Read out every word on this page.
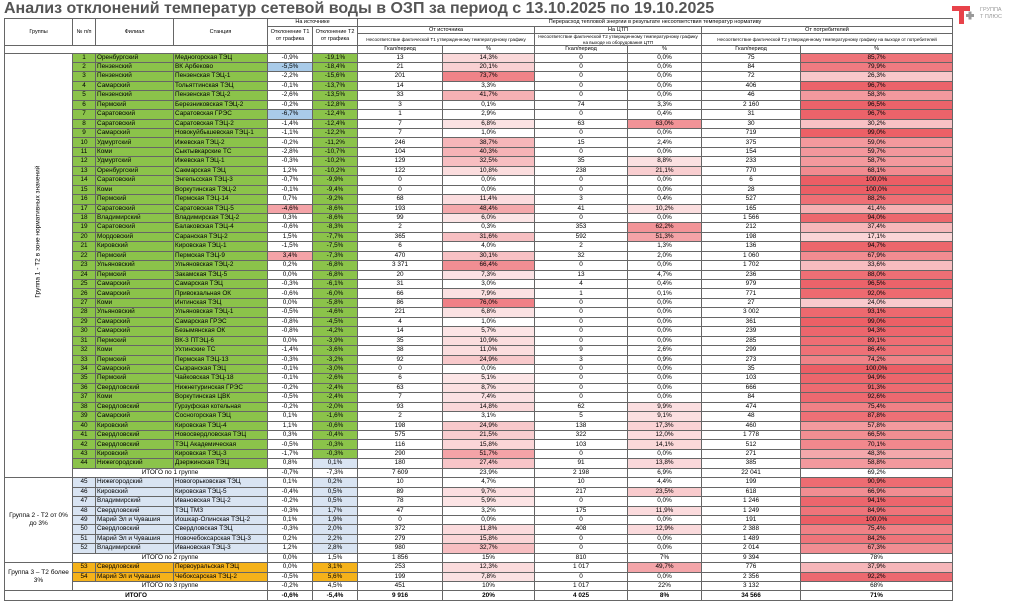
Анализ отклонений температур сетевой воды в ОЗП за период с 13.10.2025 по 19.10.2025	ГРУППА
Т ПЛЮС
Группы	№ п/п	Филиал	Станция	На источнике		Перерасход тепловой энергии в результате несоответствия температур нормативу					
				Отклонение Т1 от графика	Отклонение Т2 от графика	От источника		На ЦТП		От потребителей	
						Несоответствие фактической Т1 утвержденному температурному графику		Несоответствие фактической Т2 утвержденному температурному графику на выходе из оборудования ЦТП		Несоответствие фактической Т2 утвержденному температурному графику на выходе от потребителей	
						Гкал/период	%	Гкал/период	%	Гкал/период	%

Группа 1 - Т2 в зоне нормативных значений	1	Оренбургский	Медногорская ТЭЦ	-0,9%	-19,1%	13	14,3%	0	0,0%	75	85,7%
	2	Пензенский	ВК Арбеково	-5,5%	-18,4%	21	20,1%	0	0,0%	84	79,9%
	3	Пензенский	Пензенская ТЭЦ-1	-2,2%	-15,6%	201	73,7%	0	0,0%	72	26,3%
	4	Самарский	Тольяттинская ТЭЦ	-0,1%	-13,7%	14	3,3%	0	0,0%	406	96,7%
	5	Пензенский	Пензенская ТЭЦ-2	-2,6%	-13,5%	33	41,7%	0	0,0%	46	58,3%
	6	Пермский	Березниковская ТЭЦ-2	-0,2%	-12,8%	3	0,1%	74	3,3%	2 160	96,5%
	7	Саратовский	Саратовская ГРЭС	-6,7%	-12,4%	1	2,9%	0	0,4%	31	96,7%
	8	Саратовский	Саратовская ТЭЦ-2	-1,4%	-12,4%	7	6,8%	63	63,0%	30	30,2%
	9	Самарский	Новокуйбышевская ТЭЦ-1	-1,1%	-12,2%	7	1,0%	0	0,0%	719	99,0%
	10	Удмуртский	Ижевская ТЭЦ-2	-0,2%	-11,2%	246	38,7%	15	2,4%	375	59,0%
	11	Коми	Сыктывкарские ТС	-2,8%	-10,7%	104	40,3%	0	0,0%	154	59,7%
	12	Удмуртский	Ижевская ТЭЦ-1	-0,3%	-10,2%	129	32,5%	35	8,8%	233	58,7%
	13	Оренбургский	Сакмарская ТЭЦ	1,2%	-10,2%	122	10,8%	238	21,1%	770	68,1%
	14	Саратовский	Энгельсская ТЭЦ-3	-0,7%	-9,9%	0	0,0%	0	0,0%	6	100,0%
	15	Коми	Воркутинская ТЭЦ-2	-0,1%	-9,4%	0	0,0%	0	0,0%	28	100,0%
	16	Пермский	Пермская ТЭЦ-14	0,7%	-9,2%	68	11,4%	3	0,4%	527	88,2%
	17	Саратовский	Саратовская ТЭЦ-5	-4,6%	-8,6%	193	48,4%	41	10,2%	165	41,4%
	18	Владимирский	Владимирская ТЭЦ-2	0,3%	-8,6%	99	6,0%	0	0,0%	1 566	94,0%
	19	Саратовский	Балаковская ТЭЦ-4	-0,6%	-8,3%	2	0,3%	353	62,2%	212	37,4%
	20	Мордовский	Саранская ТЭЦ-2	1,5%	-7,7%	365	31,6%	592	51,3%	198	17,1%
	21	Кировский	Кировская ТЭЦ-1	-1,5%	-7,5%	6	4,0%	2	1,3%	136	94,7%
	22	Пермский	Пермская ТЭЦ-9	3,4%	-7,3%	470	30,1%	32	2,0%	1 060	67,9%
	23	Ульяновский	Ульяновская ТЭЦ-2	0,2%	-6,8%	3 371	66,4%	0	0,0%	1 702	33,6%
	24	Пермский	Закамская ТЭЦ-5	0,0%	-6,8%	20	7,3%	13	4,7%	236	88,0%
	25	Самарский	Самарская ТЭЦ	-0,3%	-6,1%	31	3,0%	4	0,4%	979	96,5%
	26	Самарский	Привокзальная ОК	-0,6%	-6,0%	66	7,9%	1	0,1%	771	92,0%
	27	Коми	Интинская ТЭЦ	0,0%	-5,8%	86	76,0%	0	0,0%	27	24,0%
	28	Ульяновский	Ульяновская ТЭЦ-1	-0,5%	-4,6%	221	6,8%	0	0,0%	3 002	93,1%
	29	Самарский	Самарская ГРЭС	-0,8%	-4,5%	4	1,0%	0	0,0%	361	99,0%
	30	Самарский	Безымянская ОК	-0,8%	-4,2%	14	5,7%	0	0,0%	239	94,3%
	31	Пермский	ВК-3 ПТЭЦ-6	0,0%	-3,9%	35	10,9%	0	0,0%	285	89,1%
	32	Коми	Ухтинские ТС	-1,4%	-3,6%	38	11,0%	9	2,6%	299	86,4%
	33	Пермский	Пермская ТЭЦ-13	-0,3%	-3,2%	92	24,9%	3	0,9%	273	74,2%
	34	Самарский	Сызранская ТЭЦ	-0,1%	-3,0%	0	0,0%	0	0,0%	35	100,0%
	35	Пермский	Чайковская ТЭЦ-18	-0,1%	-2,6%	6	5,1%	0	0,0%	103	94,9%
	36	Свердловский	Нижнетуринская ГРЭС	-0,2%	-2,4%	63	8,7%	0	0,0%	666	91,3%
	37	Коми	Воркутинская ЦВК	-0,5%	-2,4%	7	7,4%	0	0,0%	84	92,6%
	38	Свердловский	Гурзуфская котельная	-0,2%	-2,0%	93	14,8%	62	9,9%	474	75,4%
	39	Самарский	Сосногорская ТЭЦ	0,1%	-1,6%	2	3,1%	5	9,1%	48	87,8%
	40	Кировский	Кировская ТЭЦ-4	1,1%	-0,6%	198	24,9%	138	17,3%	460	57,8%
	41	Свердловский	Новосвердловская ТЭЦ	0,3%	-0,4%	575	21,5%	322	12,0%	1 778	66,5%
	42	Свердловский	ТЭЦ Академическая	-0,5%	-0,3%	116	15,8%	103	14,1%	512	70,1%
	43	Кировский	Кировская ТЭЦ-3	-1,7%	-0,3%	290	51,7%	0	0,0%	271	48,3%
	44	Нижегородский	Дзержинская ТЭЦ	0,8%	0,1%	180	27,4%	91	13,8%	385	58,8%
	ИТОГО по 1 группе			-0,7%	-7,3%	7 609	23,9%	2 198	6,9%	22 041	69,2%
Группа 2 - Т2 от 0% до 3%	45	Нижегородский	Новогорьковская ТЭЦ	0,1%	0,2%	10	4,7%	10	4,4%	199	90,9%
	46	Кировский	Кировская ТЭЦ-5	-0,4%	0,5%	89	9,7%	217	23,5%	618	66,9%
	47	Владимирский	Ивановская ТЭЦ-2	-0,2%	0,5%	78	5,9%	0	0,0%	1 246	94,1%
	48	Свердловский	ТЭЦ ТМЗ	-0,3%	1,7%	47	3,2%	175	11,9%	1 249	84,9%
	49	Марий Эл и Чувашия	Йошкар-Олинская ТЭЦ-2	0,1%	1,9%	0	0,0%	0	0,0%	191	100,0%
	50	Свердловский	Свердловская ТЭЦ	-0,3%	2,0%	372	11,8%	408	12,9%	2 388	75,4%
	51	Марий Эл и Чувашия	Новочебоксарская ТЭЦ-3	0,2%	2,2%	279	15,8%	0	0,0%	1 489	84,2%
	52	Владимирский	Ивановская ТЭЦ-3	1,2%	2,8%	980	32,7%	0	0,0%	2 014	67,3%
	ИТОГО по 2 группе			0,0%	1,5%	1 856	15%	810	7%	9 394	78%
Группа 3 – Т2 более 3%	53	Свердловский	Первоуральская ТЭЦ	0,0%	3,1%	253	12,3%	1 017	49,7%	776	37,9%
	54	Марий Эл и Чувашия	Чебоксарская ТЭЦ-2	-0,5%	5,6%	199	7,8%	0	0,0%	2 356	92,2%
	ИТОГО по 3 группе			-0,2%	4,5%	451	10%	1 017	22%	3 132	68%
ИТОГО				-0,6%	-5,4%	9 916	20%	4 025	8%	34 566	71%
